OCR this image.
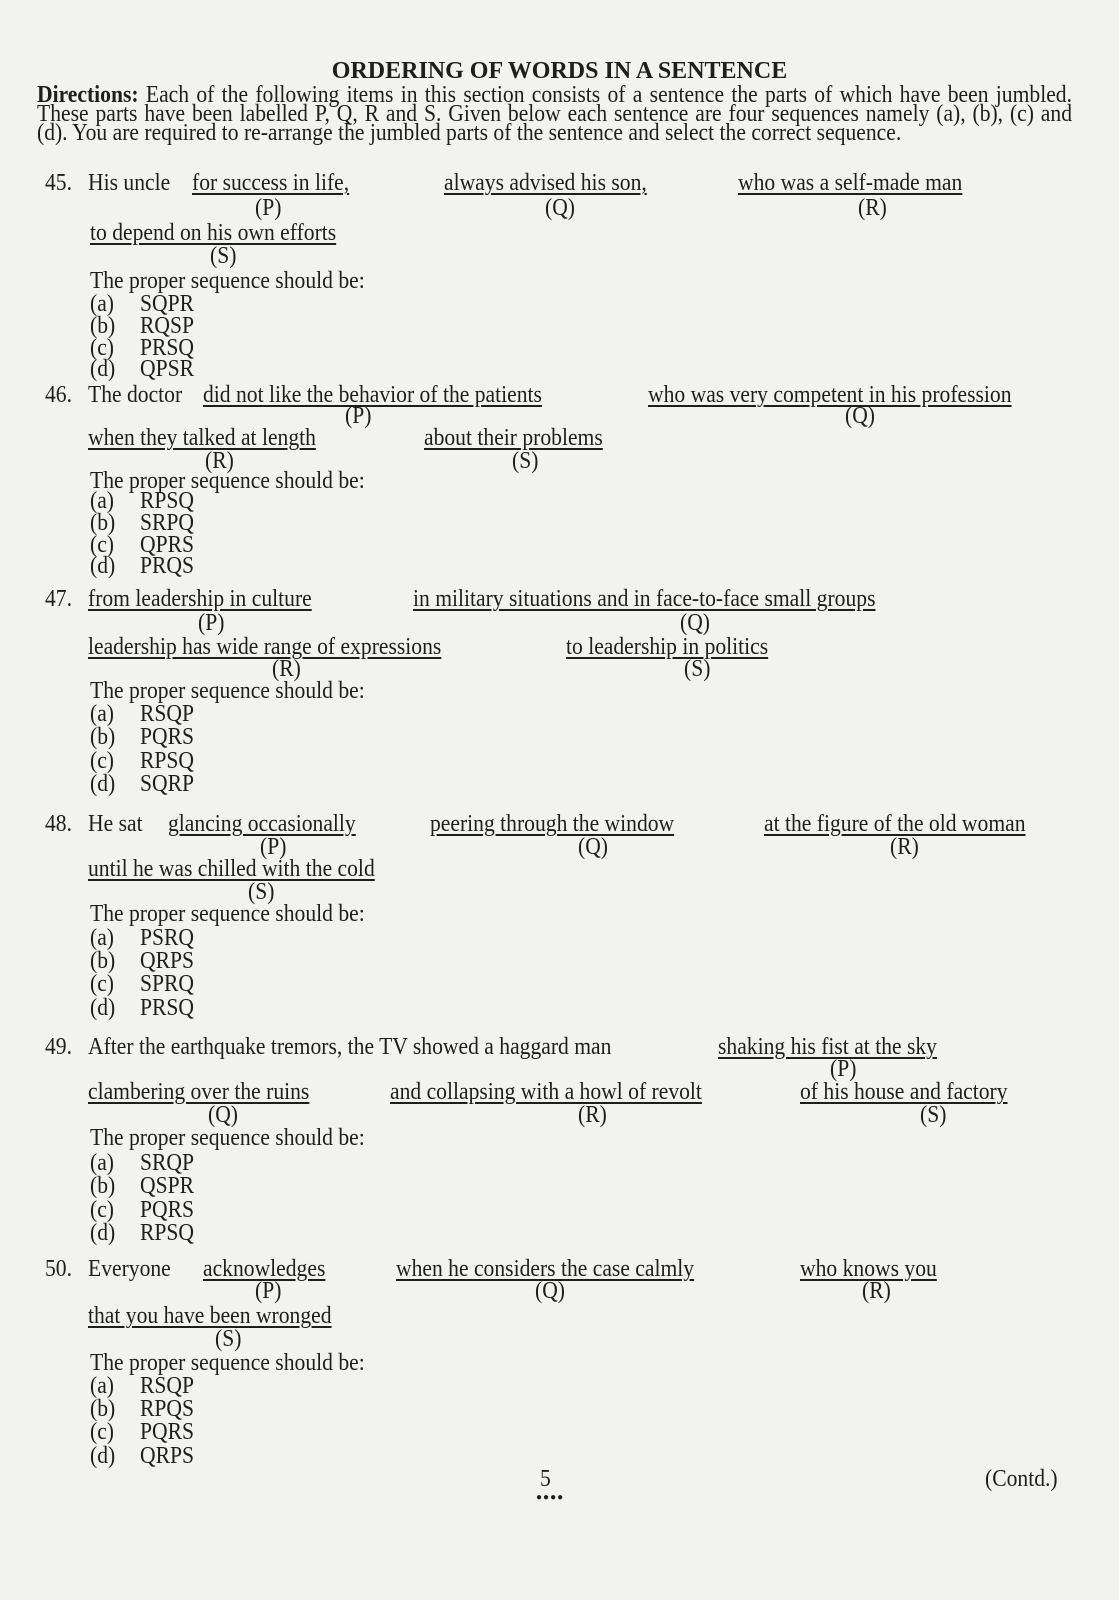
ORDERING OF WORDS IN A SENTENCE
Directions: Each of the following items in this section consists of a sentence the parts of which have been jumbled. These parts have been labelled P, Q, R and S. Given below each sentence are four sequences namely (a), (b), (c) and (d). You are required to re-arrange the jumbled parts of the sentence and select the correct sequence.
45. His uncle for success in life,
(P)
always advised his son,
(Q)
who was a self-made man
(R)
to depend on his own efforts
(S)
The proper sequence should be:
(a) SQPR
(b) RQSP
(c) PRSQ
(d) QPSR
46. The doctor did not like the behavior of the patients
(P)
who was very competent in his profession
(Q)
when they talked at length
(R)
about their problems
(S)
The proper sequence should be:
(a) RPSQ
(b) SRPQ
(c) QPRS
(d) PRQS
47. from leadership in culture
(P)
in military situations and in face-to-face small groups
(Q)
leadership has wide range of expressions
(R)
to leadership in politics
(S)
The proper sequence should be:
(a) RSQP
(b) PQRS
(c) RPSQ
(d) SQRP
48. He sat glancing occasionally
(P)
peering through the window
(Q)
at the figure of the old woman
(R)
until he was chilled with the cold
(S)
The proper sequence should be:
(a) PSRQ
(b) QRPS
(c) SPRQ
(d) PRSQ
49. After the earthquake tremors, the TV showed a haggard man	shaking his fist at the sky
(P)
clambering over the ruins
(Q)
and collapsing with a howl of revolt
(R)
of his house and factory
(S)
The proper sequence should be:
(a) SRQP
(b) QSPR
(c) PQRS
(d) RPSQ
50. Everyone acknowledges
(P)
when he considers the case calmly
(Q)
who knows you
(R)
that you have been wronged
(S)
The proper sequence should be:
(a) RSQP
(b) RPQS
(c) PQRS
(d) QRPS
5
●●●●
(Contd.)
